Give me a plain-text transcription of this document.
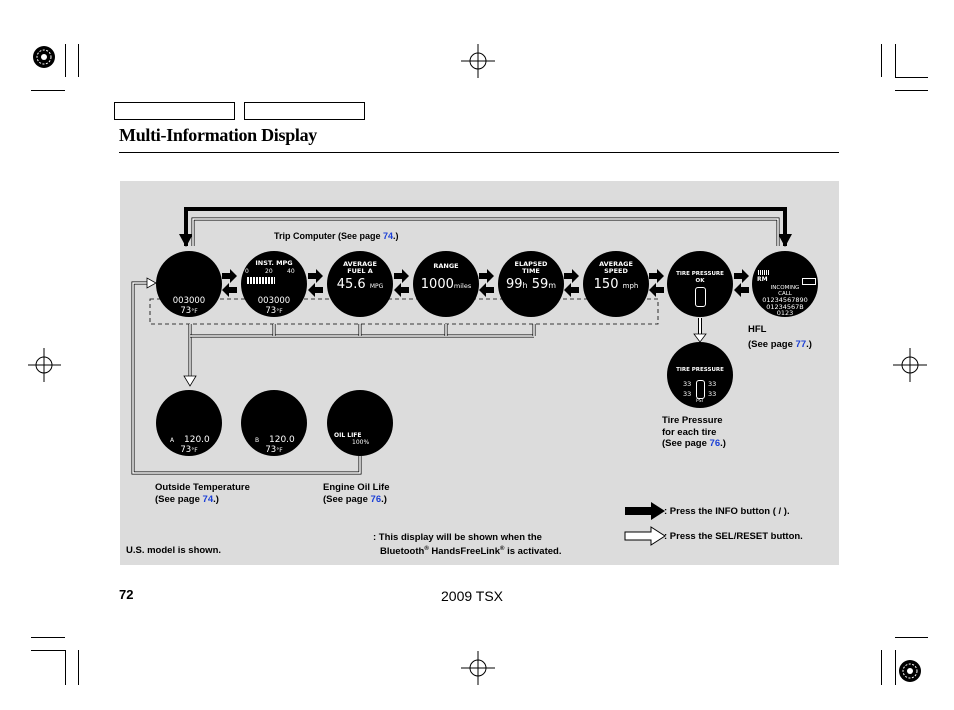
Multi-Information Display
003000
73°F
INST. MPG
0	20 40
003000
73°F
AVERAGE
FUEL A
45.6 MPG
RANGE
1000miles
ELAPSED
TIME
99h 59m
AVERAGE
SPEED
150 mph
TIRE PRESSURE
OK	RM
INCOMING
CALL
01234567890
01234567B
0123
TIRE PRESSURE
33	33
33	33
PSI
A 120.0
73°F
B 120.0
73°F
OIL LIFE
100%
Trip Computer (See page 74.)
HFL
(See page 77.)
Tire Pressure
for each tire
(See page 76.)
Outside Temperature
(See page 74.)
Engine Oil Life
(See page 76.)
: This display will be shown when the
Bluetooth® HandsFreeLink® is activated.
U.S. model is shown.
: Press the INFO button ( / ).
: Press the SEL/RESET button.
72	2009 TSX
